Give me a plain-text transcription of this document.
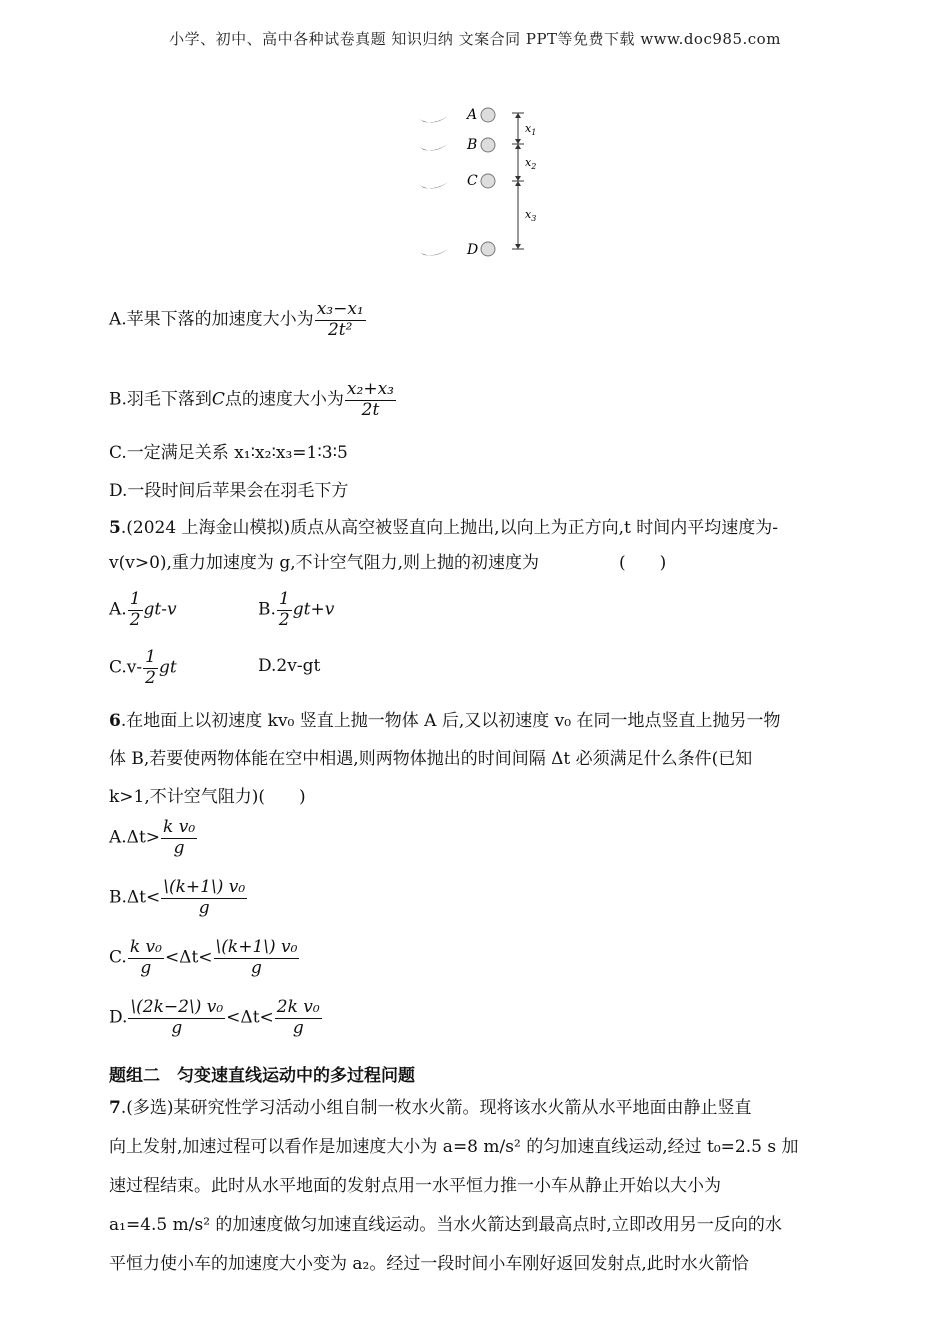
小学、初中、高中各种试卷真题 知识归纳 文案合同 PPT等免费下载 www.doc985.com
A
B
C
D
$x_1$
$x_2$
$x_3$
A.苹果下落的加速度大小为 $\frac{\text{x₃−x₁}}{\text{2t²}}$
B.羽毛下落到C点的速度大小为 $\frac{\text{x₂+x₃}}{2t}$
C.一定满足关系 x₁∶x₂∶x₃=1∶3∶5
D.一段时间后苹果会在羽毛下方
5.(2024 上海金山模拟)质点从高空被竖直向上抛出,以向上为正方向,t 时间内平均速度为-
v(v>0),重力加速度为 g,不计空气阻力,则上抛的初速度为	(　　)
A. $\frac{1}{2} gt-v$	B. $\frac{1}{2} gt+v$
$C.v- \frac{1}{2}$ gt	D.2v-gt
6.在地面上以初速度 kv₀ 竖直上抛一物体 A 后,又以初速度 v₀ 在同一地点竖直上抛另一物
体 B,若要使两物体能在空中相遇,则两物体抛出的时间间隔 Δt 必须满足什么条件(已知
k>1,不计空气阻力)(　　)
$A.\Delta t> \frac{\text{k v₀}}{g}$
$B.\Delta t< \frac{\text{\textbackslash{}(k+1\textbackslash{}) v₀}}{g}$
C. $\frac{\text{k v₀}}{g} <\Delta t< \frac{\text{\textbackslash{}(k+1\textbackslash{}) v₀}}{g}$
D. $\frac{\text{\textbackslash{}(2k−2\textbackslash{}) v₀}}{g} <\Delta t< \frac{\text{2k v₀}}{g}$
题组二　匀变速直线运动中的多过程问题
7.(多选)某研究性学习活动小组自制一枚水火箭。现将该水火箭从水平地面由静止竖直
向上发射,加速过程可以看作是加速度大小为 a=8 m/s² 的匀加速直线运动,经过 t₀=2.5 s 加
速过程结束。此时从水平地面的发射点用一水平恒力推一小车从静止开始以大小为
a₁=4.5 m/s² 的加速度做匀加速直线运动。当水火箭达到最高点时,立即改用另一反向的水
平恒力使小车的加速度大小变为 a₂。经过一段时间小车刚好返回发射点,此时水火箭恰
